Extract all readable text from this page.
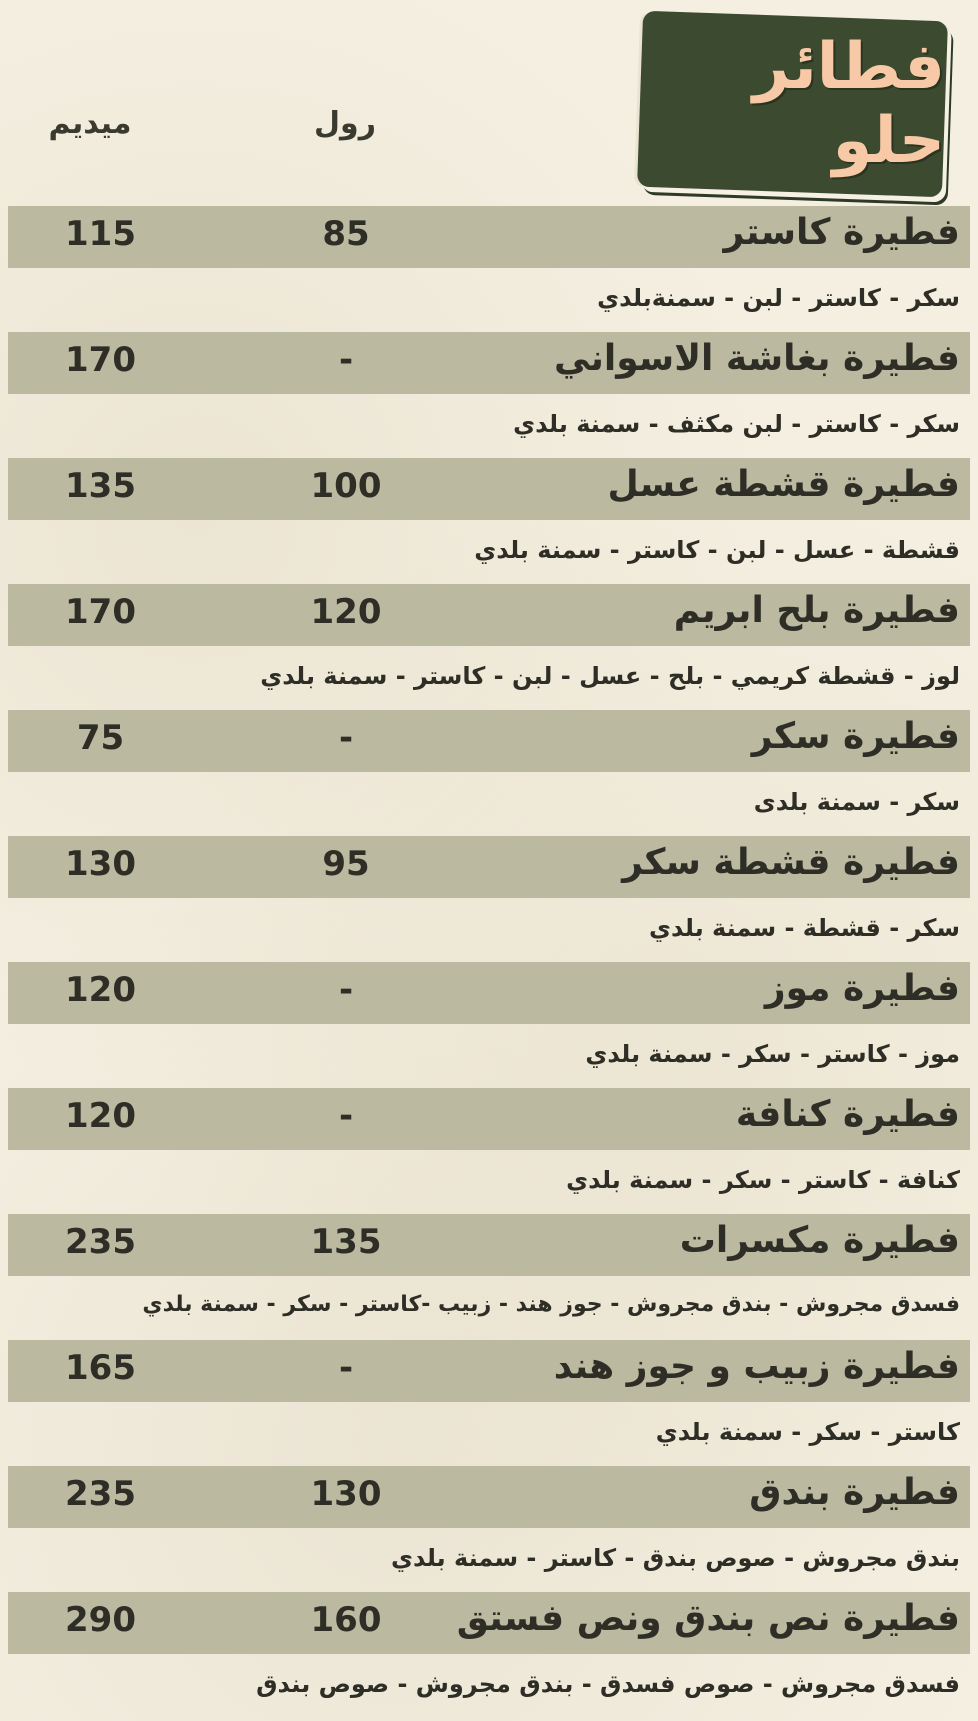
فطائر حلو
رول
ميديم
فطيرة كاستر
85
115
سكر - كاستر - لبن - سمنةبلدي
فطيرة بغاشة الاسواني
-
170
سكر - كاستر - لبن مكثف - سمنة بلدي
فطيرة قشطة عسل
100
135
قشطة - عسل - لبن - كاستر - سمنة بلدي
فطيرة بلح ابريم
120
170
لوز - قشطة كريمي - بلح - عسل - لبن - كاستر - سمنة بلدي
فطيرة سكر
-
75
سكر - سمنة بلدى
فطيرة قشطة سكر
95
130
سكر - قشطة - سمنة بلدي
فطيرة موز
-
120
موز - كاستر - سكر - سمنة بلدي
فطيرة كنافة
-
120
كنافة - كاستر - سكر - سمنة بلدي
فطيرة مكسرات
135
235
فسدق مجروش - بندق مجروش - جوز هند - زبيب -كاستر - سكر - سمنة بلدي
فطيرة زبيب و جوز هند
-
165
كاستر - سكر - سمنة بلدي
فطيرة بندق
130
235
بندق مجروش - صوص بندق - كاستر - سمنة بلدي
فطيرة نص بندق ونص فستق
160
290
فسدق مجروش - صوص فسدق - بندق مجروش - صوص بندق
